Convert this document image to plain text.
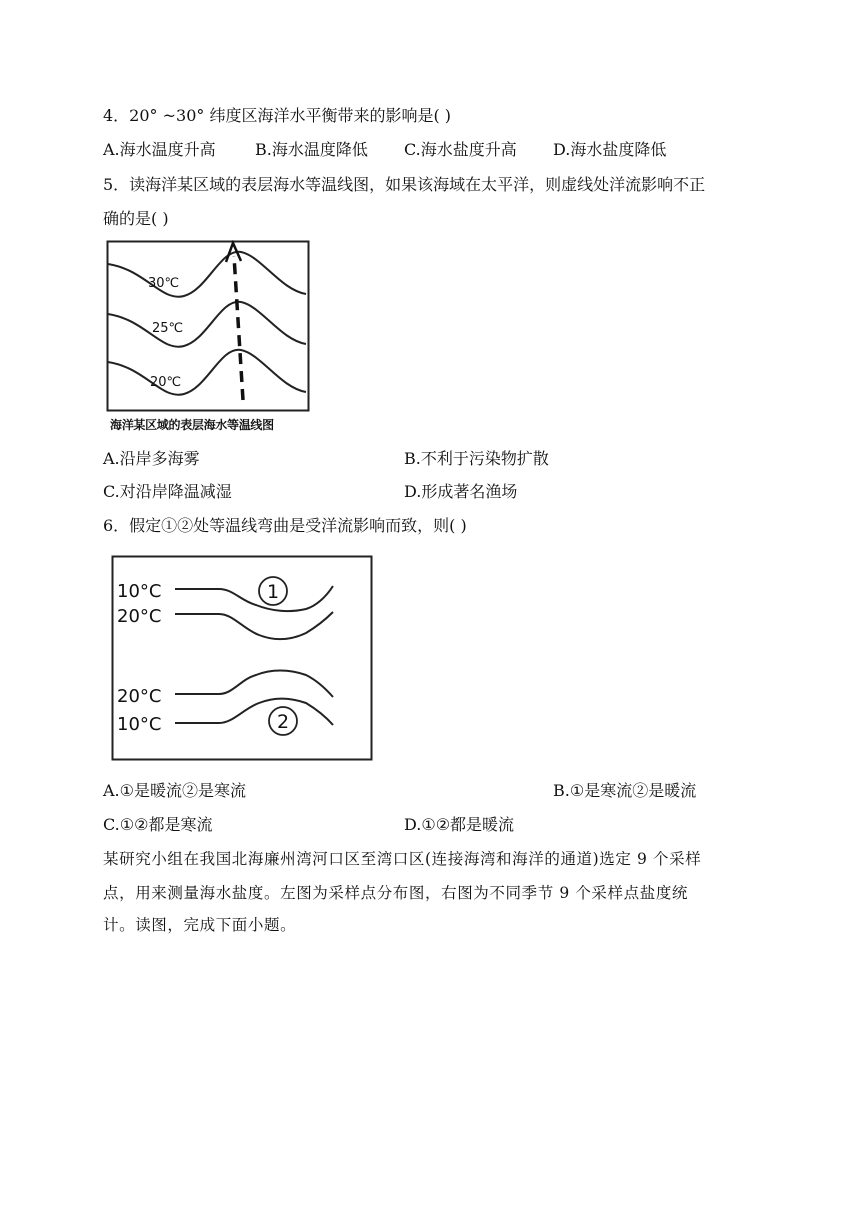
4．20° ~30° 纬度区海洋水平衡带来的影响是( )
A.海水温度升高 B.海水温度降低 C.海水盐度升高 D.海水盐度降低
5．读海洋某区域的表层海水等温线图，如果该海域在太平洋，则虚线处洋流影响不正
确的是( )
30℃
25℃
20℃
海洋某区域的表层海水等温线图
A.沿岸多海雾	B.不利于污染物扩散
C.对沿岸降温减湿	D.形成著名渔场
6．假定①②处等温线弯曲是受洋流影响而致，则( )
10°C
20°C
1
20°C
10°C	2
A.①是暖流②是寒流	B.①是寒流②是暖流
C.①②都是寒流	D.①②都是暖流
某研究小组在我国北海廉州湾河口区至湾口区(连接海湾和海洋的通道)选定 9 个采样
点，用来测量海水盐度。左图为采样点分布图，右图为不同季节 9 个采样点盐度统
计。读图，完成下面小题。
